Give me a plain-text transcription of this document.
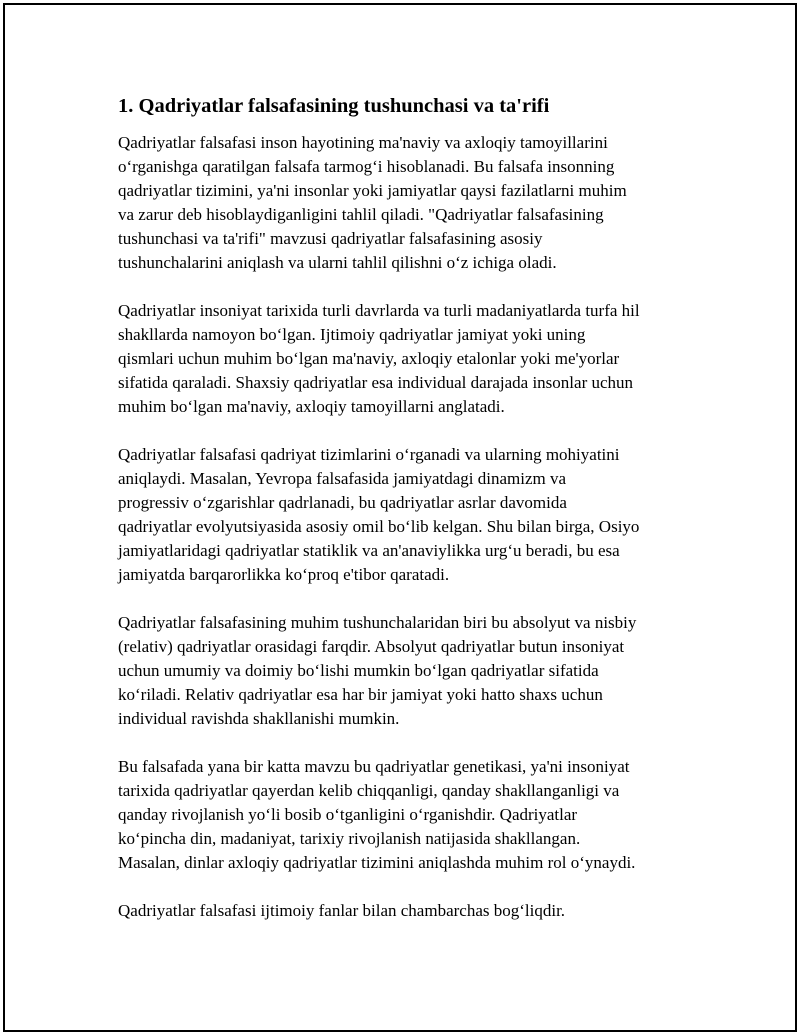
1. Qadriyatlar falsafasining tushunchasi va ta'rifi
Qadriyatlar falsafasi inson hayotining ma'naviy va axloqiy tamoyillarini
o‘rganishga qaratilgan falsafa tarmog‘i hisoblanadi. Bu falsafa insonning
qadriyatlar tizimini, ya'ni insonlar yoki jamiyatlar qaysi fazilatlarni muhim
va zarur deb hisoblaydiganligini tahlil qiladi. "Qadriyatlar falsafasining
tushunchasi va ta'rifi" mavzusi qadriyatlar falsafasining asosiy
tushunchalarini aniqlash va ularni tahlil qilishni o‘z ichiga oladi.
Qadriyatlar insoniyat tarixida turli davrlarda va turli madaniyatlarda turfa hil
shakllarda namoyon bo‘lgan. Ijtimoiy qadriyatlar jamiyat yoki uning
qismlari uchun muhim bo‘lgan ma'naviy, axloqiy etalonlar yoki me'yorlar
sifatida qaraladi. Shaxsiy qadriyatlar esa individual darajada insonlar uchun
muhim bo‘lgan ma'naviy, axloqiy tamoyillarni anglatadi.
Qadriyatlar falsafasi qadriyat tizimlarini o‘rganadi va ularning mohiyatini
aniqlaydi. Masalan, Yevropa falsafasida jamiyatdagi dinamizm va
progressiv o‘zgarishlar qadrlanadi, bu qadriyatlar asrlar davomida
qadriyatlar evolyutsiyasida asosiy omil bo‘lib kelgan. Shu bilan birga, Osiyo
jamiyatlaridagi qadriyatlar statiklik va an'anaviylikka urg‘u beradi, bu esa
jamiyatda barqarorlikka ko‘proq e'tibor qaratadi.
Qadriyatlar falsafasining muhim tushunchalaridan biri bu absolyut va nisbiy
(relativ) qadriyatlar orasidagi farqdir. Absolyut qadriyatlar butun insoniyat
uchun umumiy va doimiy bo‘lishi mumkin bo‘lgan qadriyatlar sifatida
ko‘riladi. Relativ qadriyatlar esa har bir jamiyat yoki hatto shaxs uchun
individual ravishda shakllanishi mumkin.
Bu falsafada yana bir katta mavzu bu qadriyatlar genetikasi, ya'ni insoniyat
tarixida qadriyatlar qayerdan kelib chiqqanligi, qanday shakllanganligi va
qanday rivojlanish yo‘li bosib o‘tganligini o‘rganishdir. Qadriyatlar
ko‘pincha din, madaniyat, tarixiy rivojlanish natijasida shakllangan.
Masalan, dinlar axloqiy qadriyatlar tizimini aniqlashda muhim rol o‘ynaydi.
Qadriyatlar falsafasi ijtimoiy fanlar bilan chambarchas bog‘liqdir.
